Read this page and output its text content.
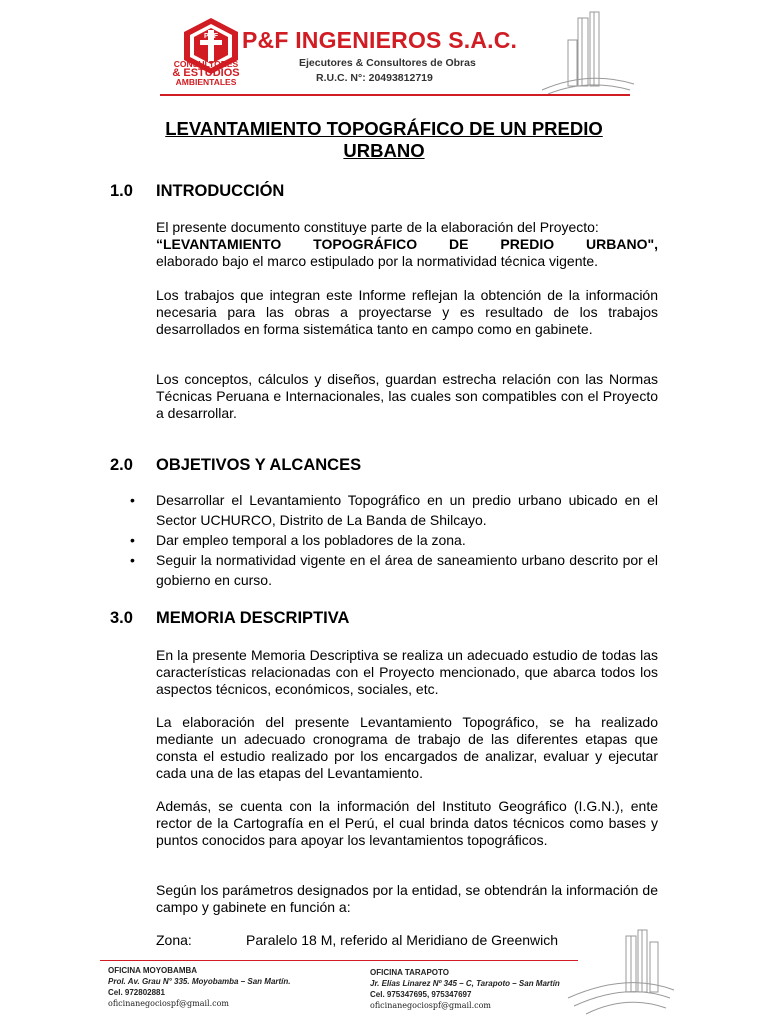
P&F
CONSULTORES
& ESTUDIOS
AMBIENTALES
P&F INGENIEROS S.A.C.
Ejecutores & Consultores de Obras
R.U.C. N°: 20493812719
LEVANTAMIENTO TOPOGRÁFICO DE UN PREDIO
URBANO
1.0 INTRODUCCIÓN
El presente documento constituye parte de la elaboración del Proyecto:
“LEVANTAMIENTO TOPOGRÁFICO DE PREDIO URBANO",
elaborado bajo el marco estipulado por la normatividad técnica vigente.
Los trabajos que integran este Informe reflejan la obtención de la información necesaria para las obras a proyectarse y es resultado de los trabajos desarrollados en forma sistemática tanto en campo como en gabinete.
Los conceptos, cálculos y diseños, guardan estrecha relación con las Normas Técnicas Peruana e Internacionales, las cuales son compatibles con el Proyecto a desarrollar.
2.0 OBJETIVOS Y ALCANCES
• Desarrollar el Levantamiento Topográfico en un predio urbano ubicado en el Sector UCHURCO, Distrito de La Banda de Shilcayo.
• Dar empleo temporal a los pobladores de la zona.
• Seguir la normatividad vigente en el área de saneamiento urbano descrito por el gobierno en curso.
3.0 MEMORIA DESCRIPTIVA
En la presente Memoria Descriptiva se realiza un adecuado estudio de todas las características relacionadas con el Proyecto mencionado, que abarca todos los aspectos técnicos, económicos, sociales, etc.
La elaboración del presente Levantamiento Topográfico, se ha realizado mediante un adecuado cronograma de trabajo de las diferentes etapas que consta el estudio realizado por los encargados de analizar, evaluar y ejecutar cada una de las etapas del Levantamiento.
Además, se cuenta con la información del Instituto Geográfico (I.G.N.), ente rector de la Cartografía en el Perú, el cual brinda datos técnicos como bases y puntos conocidos para apoyar los levantamientos topográficos.
Según los parámetros designados por la entidad, se obtendrán la información de campo y gabinete en función a:
Zona:	Paralelo 18 M, referido al Meridiano de Greenwich
OFICINA MOYOBAMBA
Prol. Av. Grau N° 335. Moyobamba – San Martín.
Cel. 972802881
oficinanegociospf@gmail.com
OFICINA TARAPOTO
Jr. Elías Linarez Nº 345 – C, Tarapoto – San Martín
Cel. 975347695, 975347697
oficinanegociospf@gmail.com
